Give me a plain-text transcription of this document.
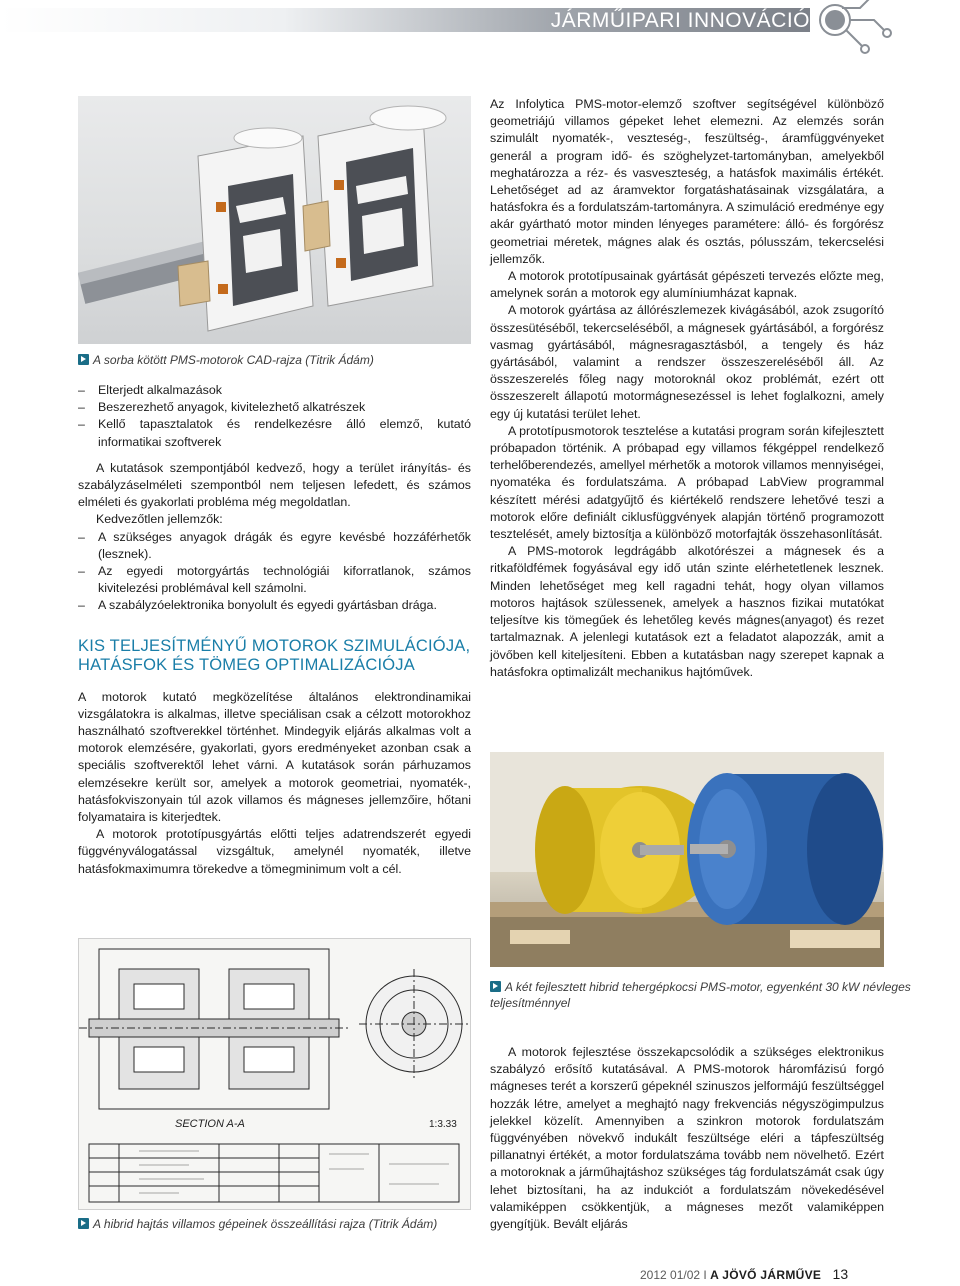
JÁRMŰIPARI INNOVÁCIÓ
A sorba kötött PMS-motorok CAD-rajza (Titrik Ádám)
– Elterjedt alkalmazások
– Beszerezhető anyagok, kivitelezhető alkatrészek
– Kellő tapasztalatok és rendelkezésre álló elemző, kutató informatikai szoftverek

A kutatások szempontjából kedvező, hogy a terület irányítás- és szabályzáselméleti szempontból nem teljesen lefedett, és számos elméleti és gyakorlati probléma még megoldatlan.

Kedvezőtlen jellemzők:
– A szükséges anyagok drágák és egyre kevésbé hozzáférhetők (lesznek).
– Az egyedi motorgyártás technológiái kiforratlanok, számos kivitelezési problémával kell számolni.
– A szabályzóelektronika bonyolult és egyedi gyártásban drága.
KIS TELJESÍTMÉNYŰ MOTOROK SZIMULÁCIÓJA,
HATÁSFOK ÉS TÖMEG OPTIMALIZÁCIÓJA

A motorok kutató megközelítése általános elektrondinamikai vizsgálatokra is alkalmas, illetve speciálisan csak a célzott motorokhoz használható szoftverekkel történhet. Mindegyik eljárás alkalmas volt a motorok elemzésére, gyakorlati, gyors eredményeket azonban csak a speciális szoftverektől lehet várni. A kutatások során párhuzamos elemzésekre került sor, amelyek a motorok geometriai, nyomaték-, hatásfokviszonyain túl azok villamos és mágneses jellemzőire, hőtani folyamataira is kiterjedtek.

A motorok prototípusgyártás előtti teljes adatrendszerét egyedi függvényválogatással vizsgáltuk, amelynél nyomaték, illetve hatásfokmaximumra törekedve a tömegminimum volt a cél.

SECTION A-A	1:3.33
A hibrid hajtás villamos gépeinek összeállítási rajza (Titrik Ádám)

Az Infolytica PMS-motor-elemző szoftver segítségével különböző geometriájú villamos gépeket lehet elemezni. Az elemzés során szimulált nyomaték-, veszteség-, feszültség-, áramfüggvényeket generál a program idő- és szöghelyzet-tartományban, amelyekből meghatározza a réz- és vasveszteség, a hatásfok maximális értékét. Lehetőséget ad az áramvektor forgatáshatásainak vizsgálatára, a hatásfokra és a fordulatszám-tartományra. A szimuláció eredménye egy akár gyártható motor minden lényeges paramétere: álló- és forgórész geometriai méretek, mágnes alak és osztás, pólusszám, tekercselési jellemzők.

A motorok prototípusainak gyártását gépészeti tervezés előzte meg, amelynek során a motorok egy alumíniumházat kapnak.

A motorok gyártása az állórészlemezek kivágásából, azok zsugorító összesütéséből, tekercseléséből, a mágnesek gyártásából, a forgórész vasmag gyártásából, mágnesragasztásból, a tengely és ház gyártásából, valamint a rendszer összeszereléséből áll. Az összeszerelés főleg nagy motoroknál okoz problémát, ezért ott összeszerelt állapotú motormágnesezéssel is lehet foglalkozni, amely egy új kutatási terület lehet.

A prototípusmotorok tesztelése a kutatási program során kifejlesztett próbapadon történik. A próbapad egy villamos fékgéppel rendelkező terhelőberendezés, amellyel mérhetők a motorok villamos mennyiségei, nyomatéka és fordulatszáma. A próbapad LabView programmal készített mérési adatgyűjtő és kiértékelő rendszere lehetővé teszi a motorok előre definiált ciklusfüggvények alapján történő programozott tesztelését, amely biztosítja a különböző motorfajták összehasonlítását.

A PMS-motorok legdrágább alkotórészei a mágnesek és a ritkaföldfémek fogyásával egy idő után szinte elérhetetlenek lesznek. Minden lehetőséget meg kell ragadni tehát, hogy olyan villamos motoros hajtások szülessenek, amelyek a hasznos fizikai mutatókat teljesítve kis tömegűek és lehetőleg kevés mágnes(anyagot) és rezet tartalmaznak. A jelenlegi kutatások ezt a feladatot alapozzák, amit a jövőben kell kiteljesíteni. Ebben a kutatásban nagy szerepet kapnak a hatásfokra optimalizált mechanikus hajtóművek.

A két fejlesztett hibrid tehergépkocsi PMS-motor, egyenként 30 kW névleges teljesítménnyel

A motorok fejlesztése összekapcsolódik a szükséges elektronikus szabályzó erősítő kutatásával. A PMS-motorok háromfázisú forgó mágneses terét a korszerű gépeknél szinuszos jelformájú feszültséggel hozzák létre, amelyet a meghajtó nagy frekvenciás négyszögimpulzus jelekkel közelít. Amennyiben a szinkron motorok fordulatszám függvényében növekvő indukált feszültsége eléri a tápfeszültség pillanatnyi értékét, a motor fordulatszáma tovább nem növelhető. Ezért a motoroknak a járműhajtáshoz szükséges tág fordulatszámát csak úgy lehet biztosítani, ha az indukciót a fordulatszám növekedésével valamiképpen csökkentjük, a mágneses mezőt valamiképpen gyengítjük. Bevált eljárás

2012 01/02 I A JÖVŐ JÁRMŰVE 13
